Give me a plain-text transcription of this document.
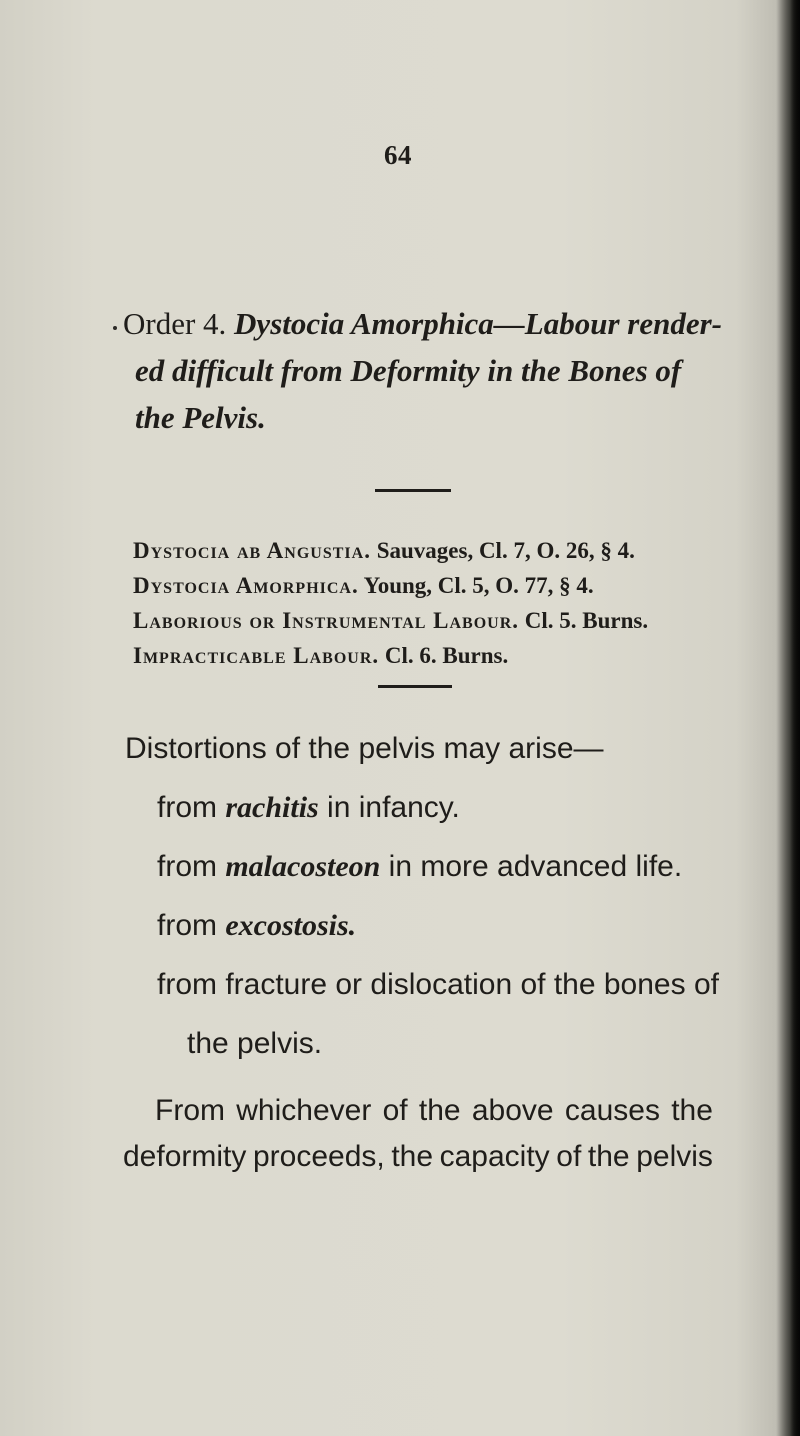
64
Order 4. Dystocia Amorphica—Labour render-
ed difficult from Deformity in the Bones of
the Pelvis.
Dystocia ab Angustia. Sauvages, Cl. 7, O. 26, § 4.
Dystocia Amorphica. Young, Cl. 5, O. 77, § 4.
Laborious or Instrumental Labour. Cl. 5. Burns.
Impracticable Labour. Cl. 6. Burns.
Distortions of the pelvis may arise—
from rachitis in infancy.
from malacosteon in more advanced life.
from excostosis.
from fracture or dislocation of the bones of
the pelvis.
From whichever of the above causes the
deformity proceeds, the capacity of the pelvis
